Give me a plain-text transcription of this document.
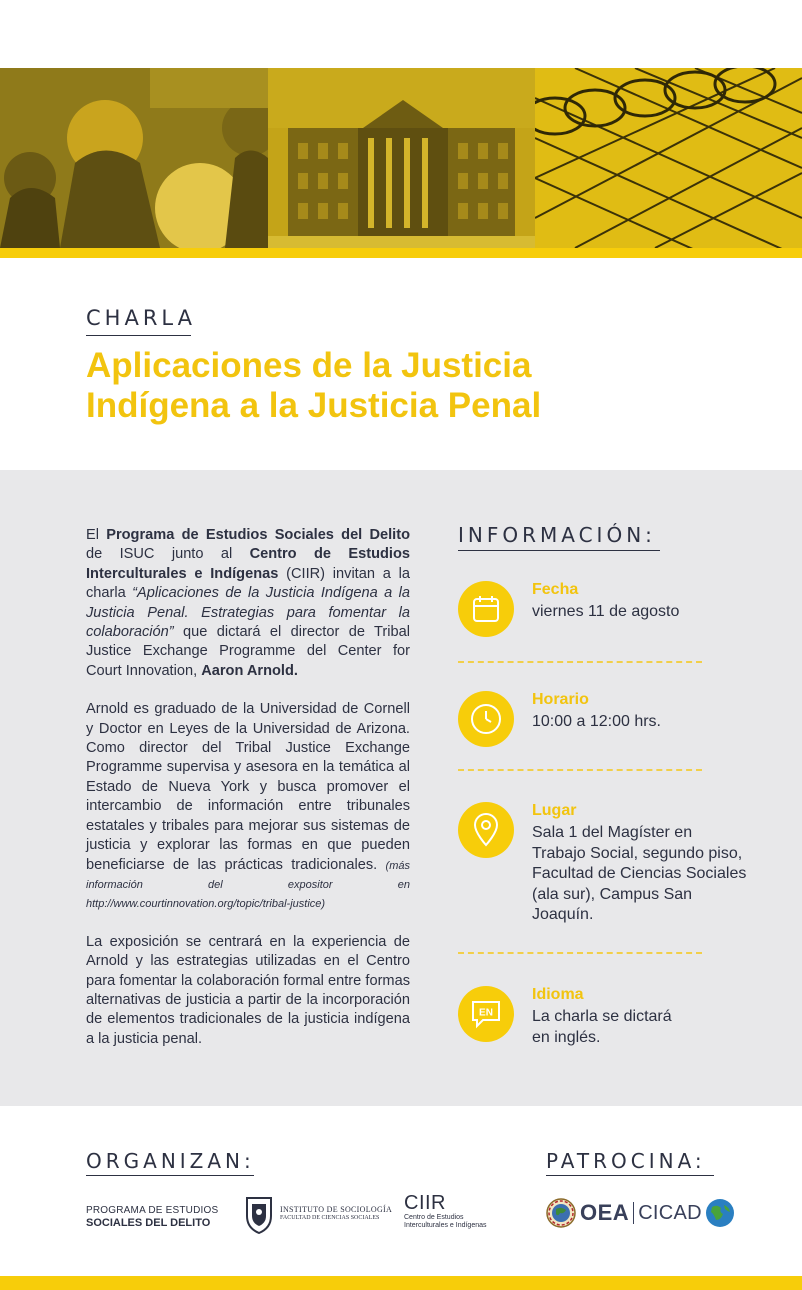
CHARLA
Aplicaciones de la Justicia
Indígena a la Justicia Penal

El Programa de Estudios Sociales del Delito de ISUC junto al Centro de Estudios Interculturales e Indígenas (CIIR) invitan a la charla “Aplicaciones de la Justicia Indígena a la Justicia Penal. Estrategias para fomentar la colaboración” que dictará el director de Tribal Justice Exchange Programme del Center for Court Innovation, Aaron Arnold.

Arnold es graduado de la Universidad de Cornell y Doctor en Leyes de la Universidad de Arizona. Como director del Tribal Justice Exchange Programme supervisa y asesora en la temática al Estado de Nueva York y busca promover el intercambio de información entre tribunales estatales y tribales para mejorar sus sistemas de justicia y explorar las formas en que pueden beneficiarse de las prácticas tradicionales. (más información del expositor en http://www.courtinnovation.org/topic/tribal-justice)

La exposición se centrará en la experiencia de Arnold y las estrategias utilizadas en el Centro para fomentar la colaboración formal entre formas alternativas de justicia a partir de la incorporación de elementos tradicionales de la justicia indígena a la justicia penal.

INFORMACIÓN:
Fecha
viernes 11 de agosto
Horario
10:00 a 12:00 hrs.
Lugar
Sala 1 del Magíster en Trabajo Social, segundo piso, Facultad de Ciencias Sociales (ala sur), Campus San Joaquín.
EN
Idioma
La charla se dictará en inglés.
ORGANIZAN:	PATROCINA:
PROGRAMA DE ESTUDIOS
SOCIALES DEL DELITO
INSTITUTO DE SOCIOLOGÍA
FACULTAD DE CIENCIAS SOCIALES
CIIR
Centro de Estudios
Interculturales e Indígenas
OEA CICAD
